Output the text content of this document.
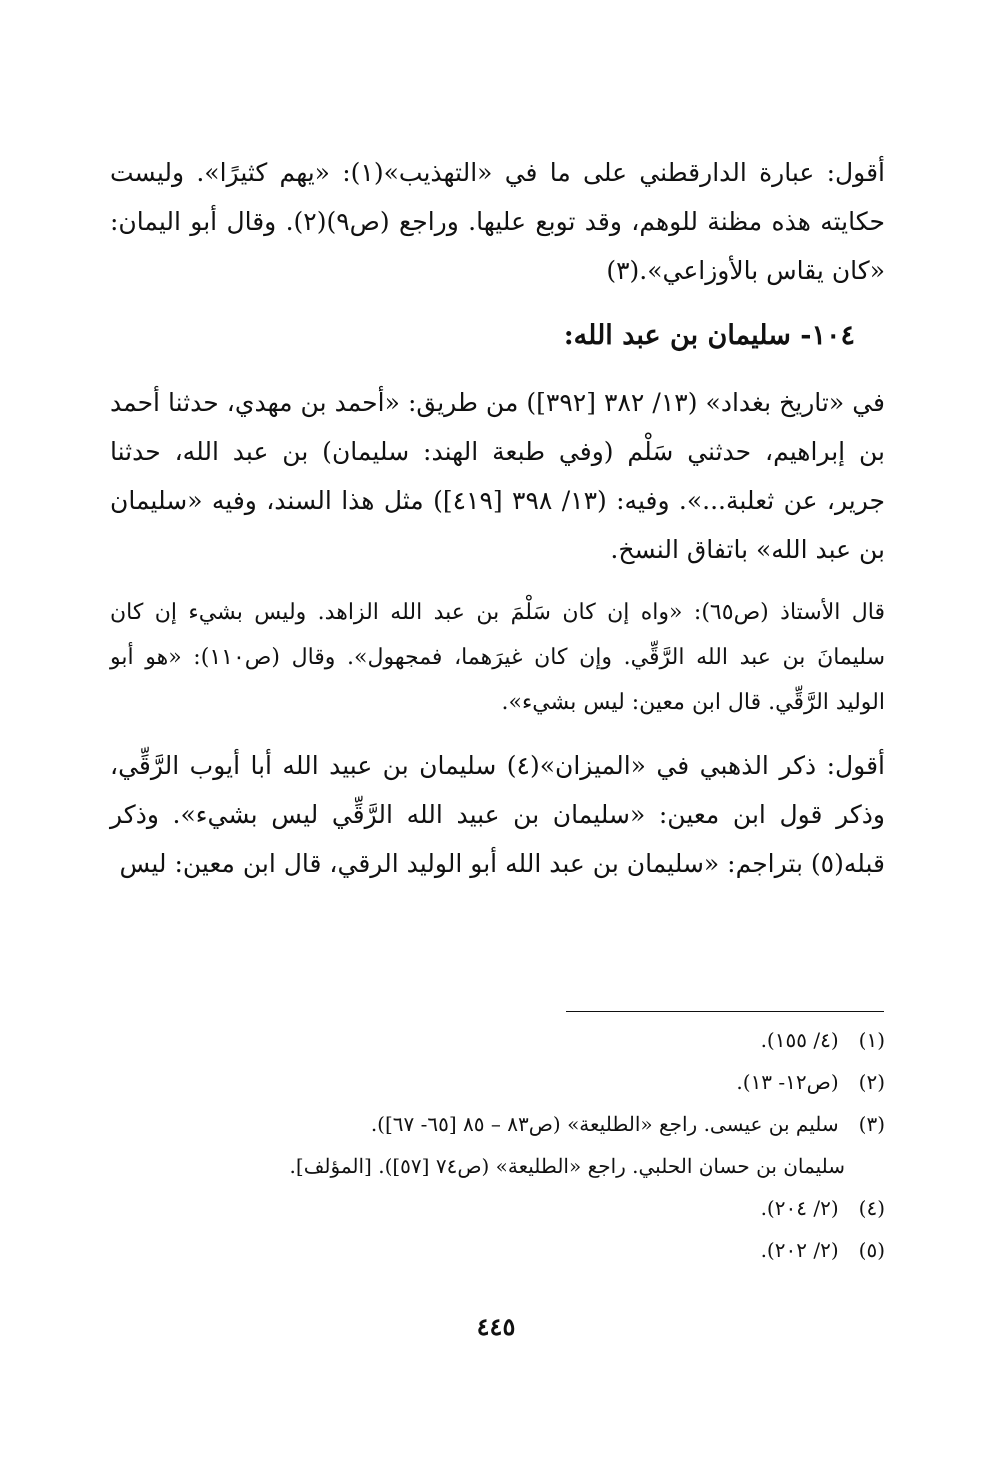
أقول: عبارة الدارقطني على ما في «التهذيب»(١): «يهم كثيرًا». وليست حكايته هذه مظنة للوهم، وقد توبع عليها. وراجع (ص٩)(٢). وقال أبو اليمان: «كان يقاس بالأوزاعي».(٣)

١٠٤- سليمان بن عبد الله:

في «تاريخ بغداد» (١٣/ ٣٨٢ [٣٩٢]) من طريق: «أحمد بن مهدي، حدثنا أحمد بن إبراهيم، حدثني سَلْم (وفي طبعة الهند: سليمان) بن عبد الله، حدثنا جرير، عن ثعلبة...». وفيه: (١٣/ ٣٩٨ [٤١٩]) مثل هذا السند، وفيه «سليمان بن عبد الله» باتفاق النسخ.

قال الأستاذ (ص٦٥): «واه إن كان سَلْمَ بن عبد الله الزاهد. وليس بشيء إن كان سليمانَ بن عبد الله الرَّقِّي. وإن كان غيرَهما، فمجهول». وقال (ص١١٠): «هو أبو الوليد الرَّقِّي. قال ابن معين: ليس بشيء».

أقول: ذكر الذهبي في «الميزان»(٤) سليمان بن عبيد الله أبا أيوب الرَّقِّي، وذكر قول ابن معين: «سليمان بن عبيد الله الرَّقِّي ليس بشيء». وذكر قبله(٥) بتراجم: «سليمان بن عبد الله أبو الوليد الرقي، قال ابن معين: ليس

(١) (٤/ ١٥٥).
(٢) (ص١٢- ١٣).
(٣) سليم بن عيسى. راجع «الطليعة» (ص٨٣ – ٨٥ [٦٥- ٦٧]).
سليمان بن حسان الحلبي. راجع «الطليعة» (ص٧٤ [٥٧]). [المؤلف].
(٤) (٢/ ٢٠٤).
(٥) (٢/ ٢٠٢).
٤٤٥
